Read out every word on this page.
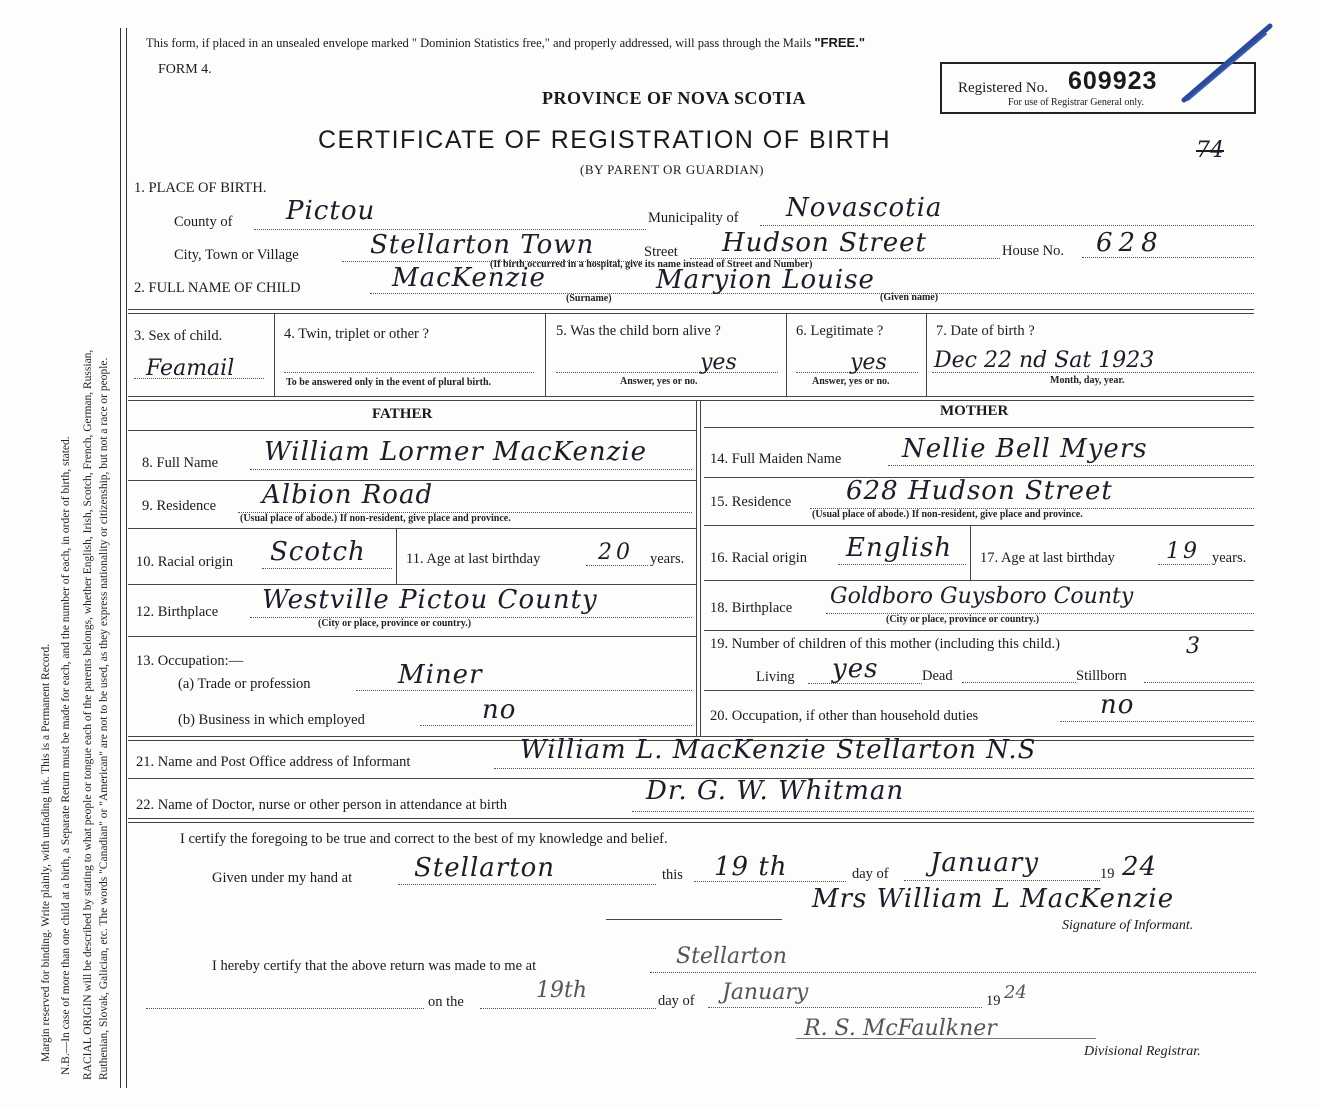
Margin reserved for binding. Write plainly, with unfading ink. This is a Permanent Record. N.B.—In case of more than one child at a birth, a Separate Return must be made for each, and the number of each, in order of birth, stated. RACIAL ORIGIN will be described by stating to what people or tongue each of the parents belongs, whether English, Irish, Scotch, French, German, Russian, Ruthenian, Slovak, Galician, etc. The words "Canadian" or "American" are not to be used, as they express nationality or citizenship, but not a race or people.
This form, if placed in an unsealed envelope marked " Dominion Statistics free," and properly addressed, will pass through the Mails "FREE."
FORM 4.
PROVINCE OF NOVA SCOTIA	Registered No. 609923
For use of Registrar General only.
CERTIFICATE OF REGISTRATION OF BIRTH
(BY PARENT OR GUARDIAN)
74
1. PLACE OF BIRTH.
County of Pictou	Municipality of Novascotia
City, Town or Village	Stellarton Town	Street Hudson Street	House No. 628
(If birth occurred in a hospital, give its name instead of Street and Number)
2. FULL NAME OF CHILD	MacKenzie
(Surname)
Maryion Louise
(Given name)
3. Sex of child.
Feamail
4. Twin, triplet or other ?
To be answered only in the event of plural birth.
5. Was the child born alive ?
yes
Answer, yes or no.
6. Legitimate ?
yes
Answer, yes or no.
7. Date of birth ?
Dec 22 nd Sat 1923
Month, day, year.
FATHER	MOTHER
8. Full Name William Lormer MacKenzie
9. Residence Albion Road
(Usual place of abode.) If non-resident, give place and province.
10. Racial origin Scotch	11. Age at last birthday	20 years.
12. Birthplace Westville Pictou County
(City or place, province or country.)
13. Occupation:—
(a) Trade or profession	Miner
(b) Business in which employed	no
14. Full Maiden Name Nellie Bell Myers
15. Residence 628 Hudson Street
(Usual place of abode.) If non-resident, give place and province.
16. Racial origin English 17. Age at last birthday 19 years.
18. Birthplace Goldboro Guysboro County
(City or place, province or country.)
19. Number of children of this mother (including this child.)	3
Living yes	Dead	Stillborn
20. Occupation, if other than household duties	no
21. Name and Post Office address of Informant	William L. MacKenzie Stellarton N.S
22. Name of Doctor, nurse or other person in attendance at birth	Dr. G. W. Whitman
I certify the foregoing to be true and correct to the best of my knowledge and belief.
Given under my hand at Stellarton	this 19 th	day of January	19 24
Mrs William L MacKenzie
Signature of Informant.
I hereby certify that the above return was made to me at	Stellarton
on the	19th	day of January	19 24
R. S. McFaulkner
Divisional Registrar.
